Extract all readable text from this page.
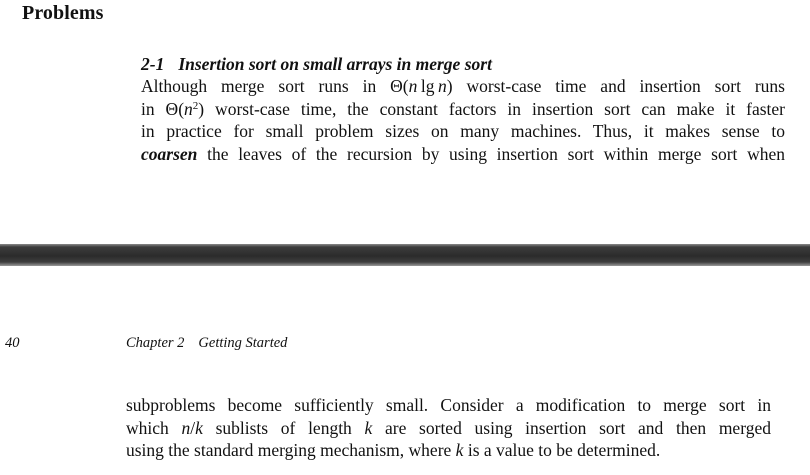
Problems
2-1 Insertion sort on small arrays in merge sort
Although merge sort runs in Θ(n lg n) worst-case time and insertion sort runs
in $\Theta(n^2)$ worst-case time, the constant factors in insertion sort can make it faster
in practice for small problem sizes on many machines. Thus, it makes sense to
coarsen the leaves of the recursion by using insertion sort within merge sort when
40	Chapter 2 Getting Started
subproblems become sufficiently small. Consider a modification to merge sort in
which n/k sublists of length k are sorted using insertion sort and then merged
using the standard merging mechanism, where k is a value to be determined.
